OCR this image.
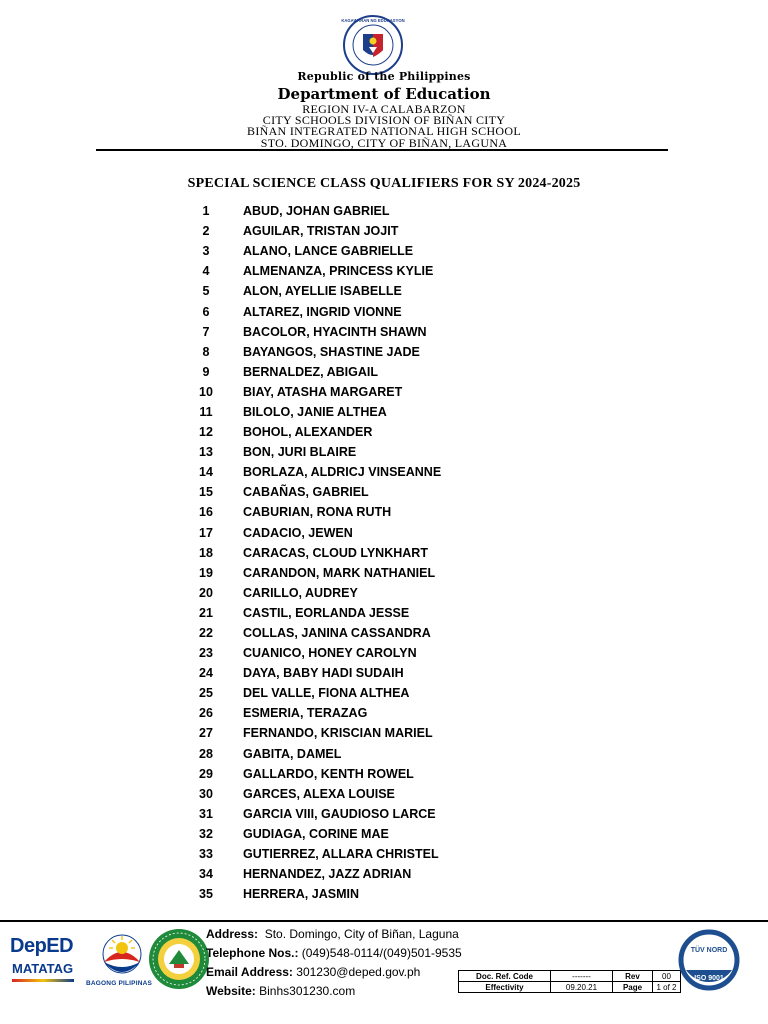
KAGAWARAN NG EDUKASYON
Republic of the Philippines
Department of Education
REGION IV-A CALABARZON
CITY SCHOOLS DIVISION OF BIÑAN CITY
BIÑAN INTEGRATED NATIONAL HIGH SCHOOL
STO. DOMINGO, CITY OF BIÑAN, LAGUNA
SPECIAL SCIENCE CLASS QUALIFIERS FOR SY 2024-2025
1	ABUD, JOHAN GABRIEL
2	AGUILAR, TRISTAN JOJIT
3	ALANO, LANCE GABRIELLE
4	ALMENANZA, PRINCESS KYLIE
5	ALON, AYELLIE ISABELLE
6	ALTAREZ, INGRID VIONNE
7	BACOLOR, HYACINTH SHAWN
8	BAYANGOS, SHASTINE JADE
9	BERNALDEZ, ABIGAIL
10	BIAY, ATASHA MARGARET
11	BILOLO, JANIE ALTHEA
12	BOHOL, ALEXANDER
13	BON, JURI BLAIRE
14	BORLAZA, ALDRICJ VINSEANNE
15	CABAÑAS, GABRIEL
16	CABURIAN, RONA RUTH
17	CADACIO, JEWEN
18	CARACAS, CLOUD LYNKHART
19	CARANDON, MARK NATHANIEL
20	CARILLO, AUDREY
21	CASTIL, EORLANDA JESSE
22	COLLAS, JANINA CASSANDRA
23	CUANICO, HONEY CAROLYN
24	DAYA, BABY HADI SUDAIH
25	DEL VALLE, FIONA ALTHEA
26	ESMERIA, TERAZAG
27	FERNANDO, KRISCIAN MARIEL
28	GABITA, DAMEL
29	GALLARDO, KENTH ROWEL
30	GARCES, ALEXA LOUISE
31	GARCIA VIII, GAUDIOSO LARCE
32	GUDIAGA, CORINE MAE
33	GUTIERREZ, ALLARA CHRISTEL
34	HERNANDEZ, JAZZ ADRIAN
35	HERRERA, JASMIN
DepED
MATATAG
BAGONG PILIPINAS
Address: Sto. Domingo, City of Biñan, Laguna
Telephone Nos.: (049)548-0114/(049)501-9535
Email Address: 301230@deped.gov.ph
Website: Binhs301230.com
Doc. Ref. Code	-------	Rev	00
Effectivity	09.20.21	Page	1 of 2
TÜV NORD
ISO 9001
